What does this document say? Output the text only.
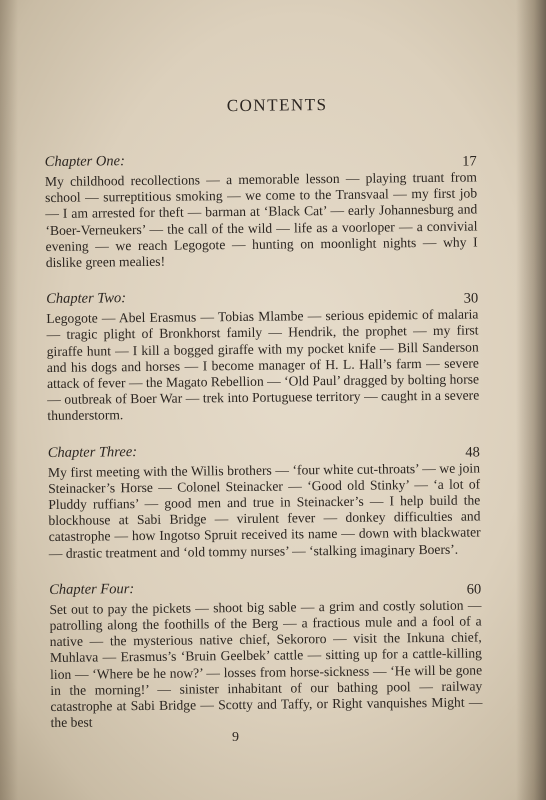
CONTENTS
Chapter One:	17
My childhood recollections — a memorable lesson — playing truant from school — surreptitious smoking — we come to the Transvaal — my first job — I am arrested for theft — barman at ‘Black Cat’ — early Johannesburg and ‘Boer-Verneukers’ — the call of the wild — life as a voorloper — a convivial evening — we reach Legogote — hunting on moonlight nights — why I dislike green mealies!
Chapter Two:	30
Legogote — Abel Erasmus — Tobias Mlambe — serious epidemic of malaria — tragic plight of Bronkhorst family — Hendrik, the prophet — my first giraffe hunt — I kill a bogged giraffe with my pocket knife — Bill Sanderson and his dogs and horses — I become manager of H. L. Hall’s farm — severe attack of fever — the Magato Rebellion — ‘Old Paul’ dragged by bolting horse — outbreak of Boer War — trek into Portuguese territory — caught in a severe thunderstorm.
Chapter Three:	48
My first meeting with the Willis brothers — ‘four white cut-throats’ — we join Steinacker’s Horse — Colonel Steinacker — ‘Good old Stinky’ — ‘a lot of Pluddy ruffians’ — good men and true in Steinacker’s — I help build the blockhouse at Sabi Bridge — virulent fever — donkey difficulties and catastrophe — how Ingotso Spruit received its name — down with blackwater — drastic treatment and ‘old tommy nurses’ — ‘stalking imaginary Boers’.
Chapter Four:	60
Set out to pay the pickets — shoot big sable — a grim and costly solution — patrolling along the foothills of the Berg — a fractious mule and a fool of a native — the mysterious native chief, Sekororo — visit the Inkuna chief, Muhlava — Erasmus’s ‘Bruin Geelbek’ cattle — sitting up for a cattle-killing lion — ‘Where be he now?’ — losses from horse-sickness — ‘He will be gone in the morning!’ — sinister inhabitant of our bathing pool — railway catastrophe at Sabi Bridge — Scotty and Taffy, or Right vanquishes Might — the best
9
